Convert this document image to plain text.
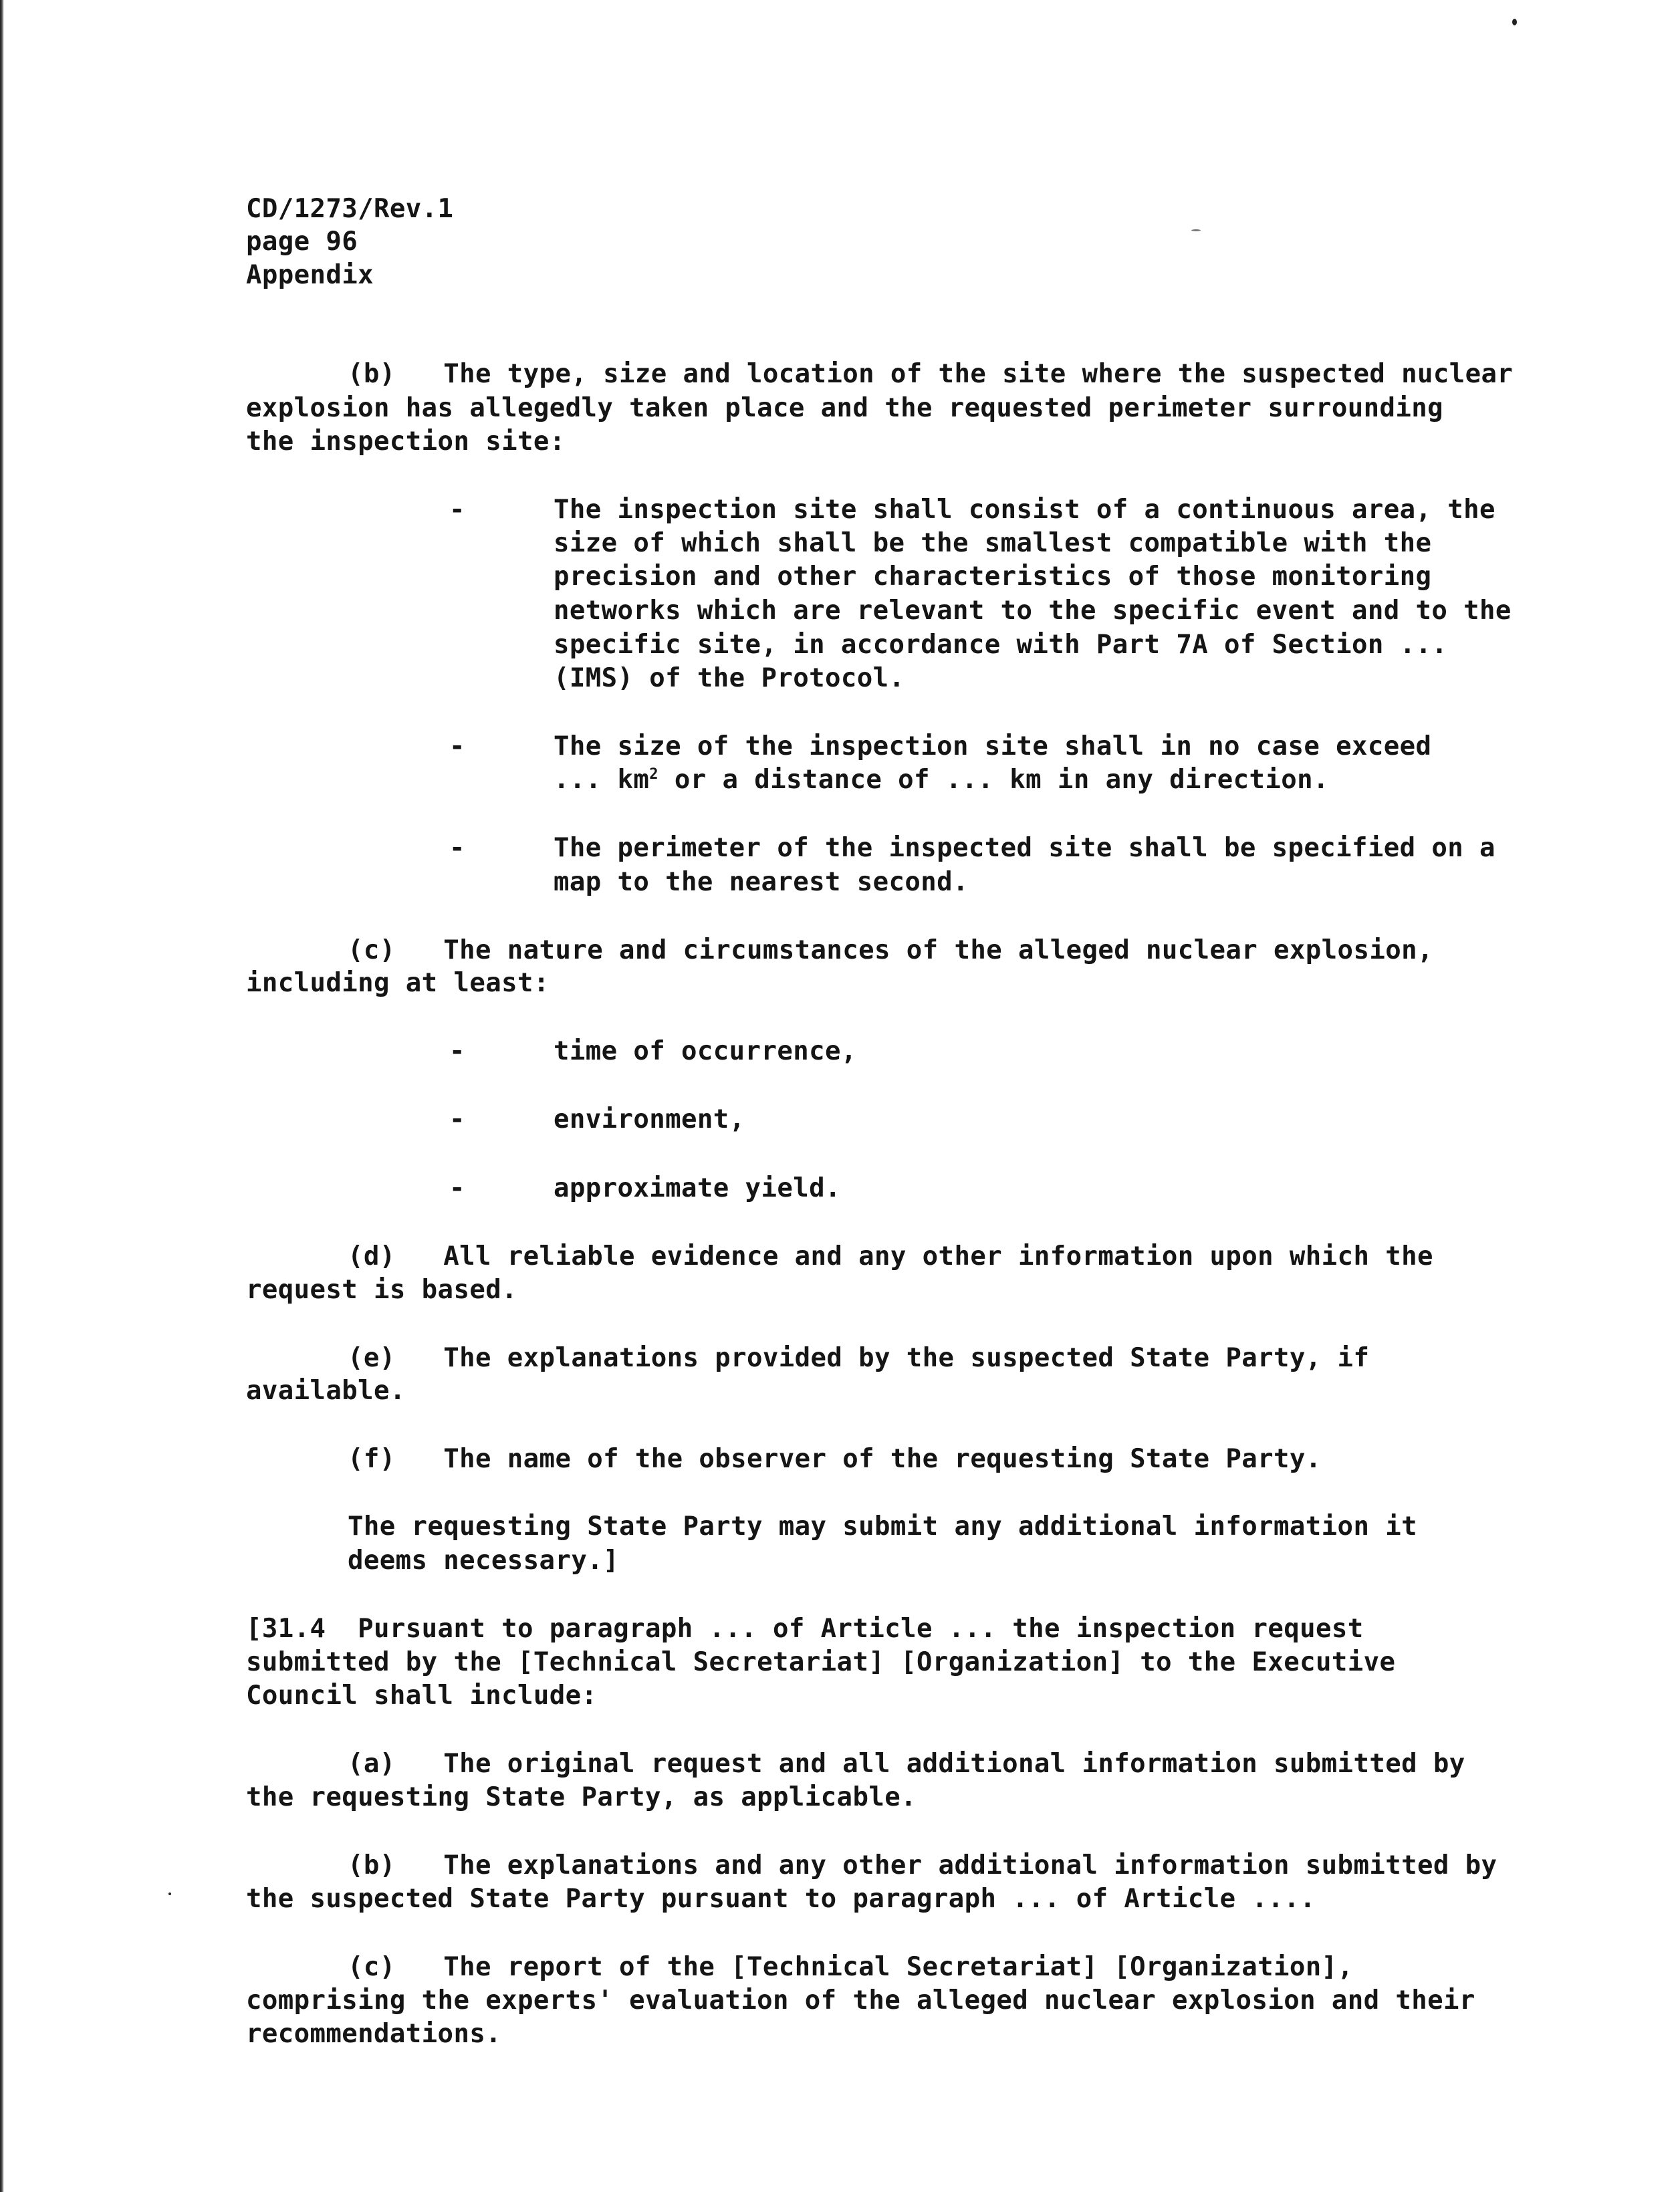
CD/1273/Rev.1
page 96
Appendix
(b)   The type, size and location of the site where the suspected nuclear
explosion has allegedly taken place and the requested perimeter surrounding
the inspection site:
-	The inspection site shall consist of a continuous area, the
size of which shall be the smallest compatible with the
precision and other characteristics of those monitoring
networks which are relevant to the specific event and to the
specific site, in accordance with Part 7A of Section ...
(IMS) of the Protocol.
-	The size of the inspection site shall in no case exceed
... $km^2$ or a distance of ... km in any direction.
-	The perimeter of the inspected site shall be specified on a
map to the nearest second.
(c)   The nature and circumstances of the alleged nuclear explosion,
including at least:
-	time of occurrence,
-	environment,
-	approximate yield.
(d)   All reliable evidence and any other information upon which the
request is based.
(e)   The explanations provided by the suspected State Party, if
available.
(f)   The name of the observer of the requesting State Party.
The requesting State Party may submit any additional information it
deems necessary.]
[31.4  Pursuant to paragraph ... of Article ... the inspection request
submitted by the [Technical Secretariat] [Organization] to the Executive
Council shall include:
(a)   The original request and all additional information submitted by
the requesting State Party, as applicable.
(b)   The explanations and any other additional information submitted by
the suspected State Party pursuant to paragraph ... of Article ....
(c)   The report of the [Technical Secretariat] [Organization],
comprising the experts' evaluation of the alleged nuclear explosion and their
recommendations.
